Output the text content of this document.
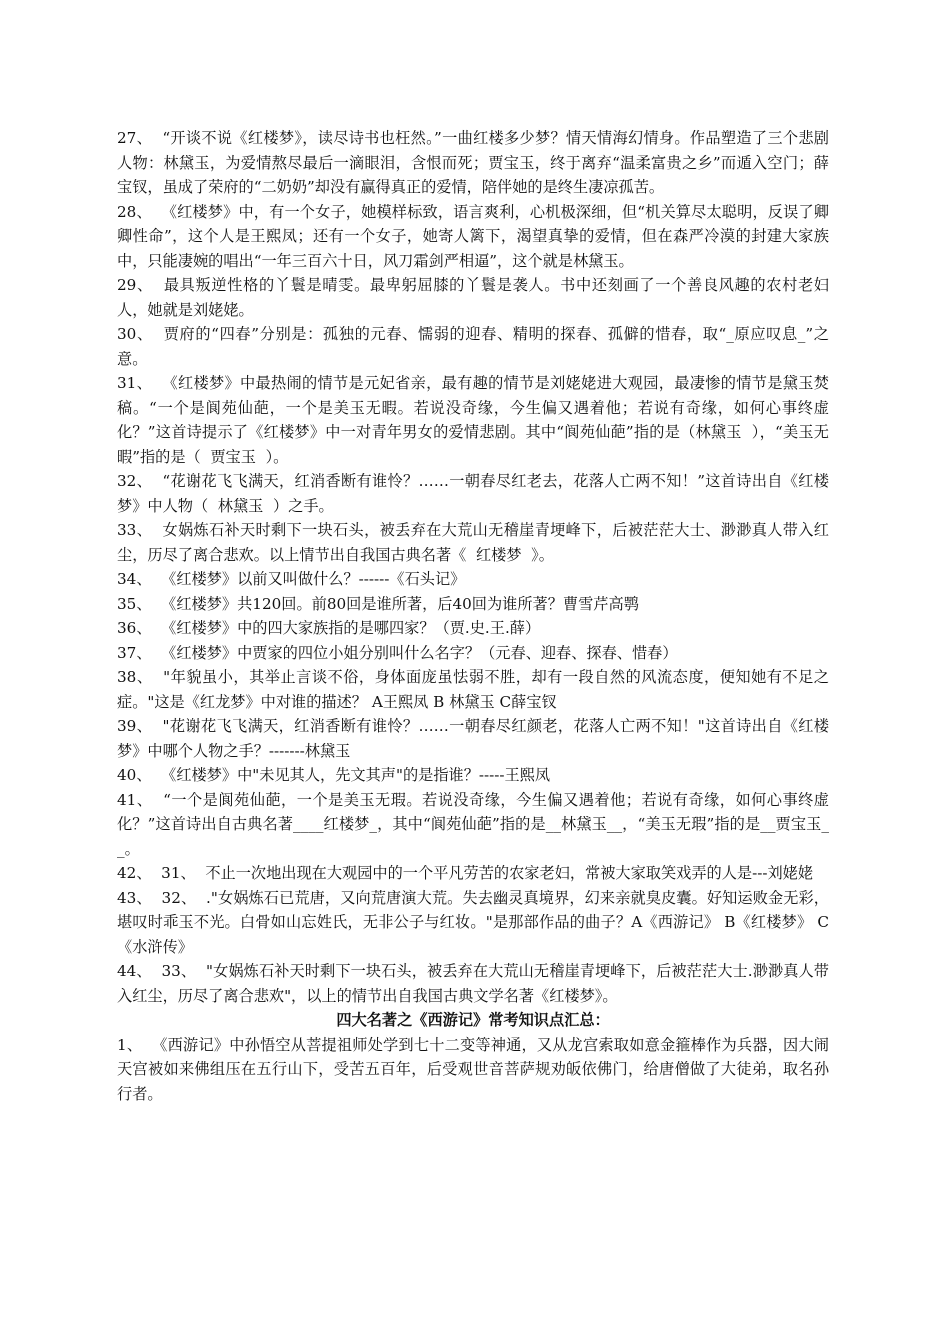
27、  “开谈不说《红楼梦》，读尽诗书也枉然。”一曲红楼多少梦？情天情海幻情身。作品塑造了三个悲剧人物：林黛玉，为爱情熬尽最后一滴眼泪，含恨而死；贾宝玉，终于离弃“温柔富贵之乡”而遁入空门；薛宝钗，虽成了荣府的“二奶奶”却没有赢得真正的爱情，陪伴她的是终生凄凉孤苦。

28、  《红楼梦》中，有一个女子，她模样标致，语言爽利，心机极深细，但“机关算尽太聪明，反误了卿卿性命”，这个人是王熙凤；还有一个女子，她寄人篱下，渴望真挚的爱情，但在森严冷漠的封建大家族中，只能凄婉的唱出“一年三百六十日，风刀霜剑严相逼”，这个就是林黛玉。

29、  最具叛逆性格的丫鬟是晴雯。最卑躬屈膝的丫鬟是袭人。书中还刻画了一个善良风趣的农村老妇人，她就是刘姥姥。

30、  贾府的“四春”分别是：孤独的元春、懦弱的迎春、精明的探春、孤僻的惜春，取“_原应叹息_”之意。

31、  《红楼梦》中最热闹的情节是元妃省亲，最有趣的情节是刘姥姥进大观园，最凄惨的情节是黛玉焚稿。“一个是阆苑仙葩，一个是美玉无暇。若说没奇缘，今生偏又遇着他；若说有奇缘，如何心事终虚化？”这首诗提示了《红楼梦》中一对青年男女的爱情悲剧。其中“阆苑仙葩”指的是（林黛玉  ），“美玉无暇”指的是（  贾宝玉  ）。

32、  “花谢花飞飞满天，红消香断有谁怜？……一朝春尽红老去，花落人亡两不知！”这首诗出自《红楼梦》中人物（  林黛玉  ）之手。

33、  女娲炼石补天时剩下一块石头，被丢弃在大荒山无稽崖青埂峰下，后被茫茫大士、渺渺真人带入红尘，历尽了离合悲欢。以上情节出自我国古典名著《  红楼梦  》。

34、  《红楼梦》以前又叫做什么？------《石头记》

35、  《红楼梦》共120回。前80回是谁所著，后40回为谁所著？曹雪芹高鹗

36、  《红楼梦》中的四大家族指的是哪四家？（贾.史.王.薛）

37、  《红楼梦》中贾家的四位小姐分别叫什么名字？（元春、迎春、探春、惜春）

38、  "年貌虽小，其举止言谈不俗，身体面庞虽怯弱不胜，却有一段自然的风流态度，便知她有不足之症。"这是《红龙梦》中对谁的描述？ A王熙凤 B 林黛玉 C薛宝钗

39、  "花谢花飞飞满天，红消香断有谁怜？……一朝春尽红颜老，花落人亡两不知！"这首诗出自《红楼梦》中哪个人物之手？-------林黛玉

40、  《红楼梦》中"未见其人，先文其声"的是指谁？-----王熙凤

41、  “一个是阆苑仙葩，一个是美玉无瑕。若说没奇缘，今生偏又遇着他；若说有奇缘，如何心事终虚化？”这首诗出自古典名著____红楼梦_，其中“阆苑仙葩”指的是__林黛玉__，“美玉无瑕”指的是__贾宝玉__。

42、  31、  不止一次地出现在大观园中的一个平凡劳苦的农家老妇，常被大家取笑戏弄的人是---刘姥姥

43、  32、  ."女娲炼石已荒唐，又向荒唐演大荒。失去幽灵真境界，幻来亲就臭皮囊。好知运败金无彩，堪叹时乖玉不光。白骨如山忘姓氏，无非公子与红妆。"是那部作品的曲子？A《西游记》 B《红楼梦》 C《水浒传》

44、  33、  "女娲炼石补天时剩下一块石头，被丢弃在大荒山无稽崖青埂峰下，后被茫茫大士.渺渺真人带入红尘，历尽了离合悲欢"，以上的情节出自我国古典文学名著《红楼梦》。

四大名著之《西游记》常考知识点汇总：

1、  《西游记》中孙悟空从菩提祖师处学到七十二变等神通，又从龙宫索取如意金箍棒作为兵器，因大闹天宫被如来佛组压在五行山下，受苦五百年，后受观世音菩萨规劝皈依佛门，给唐僧做了大徒弟，取名孙行者。
